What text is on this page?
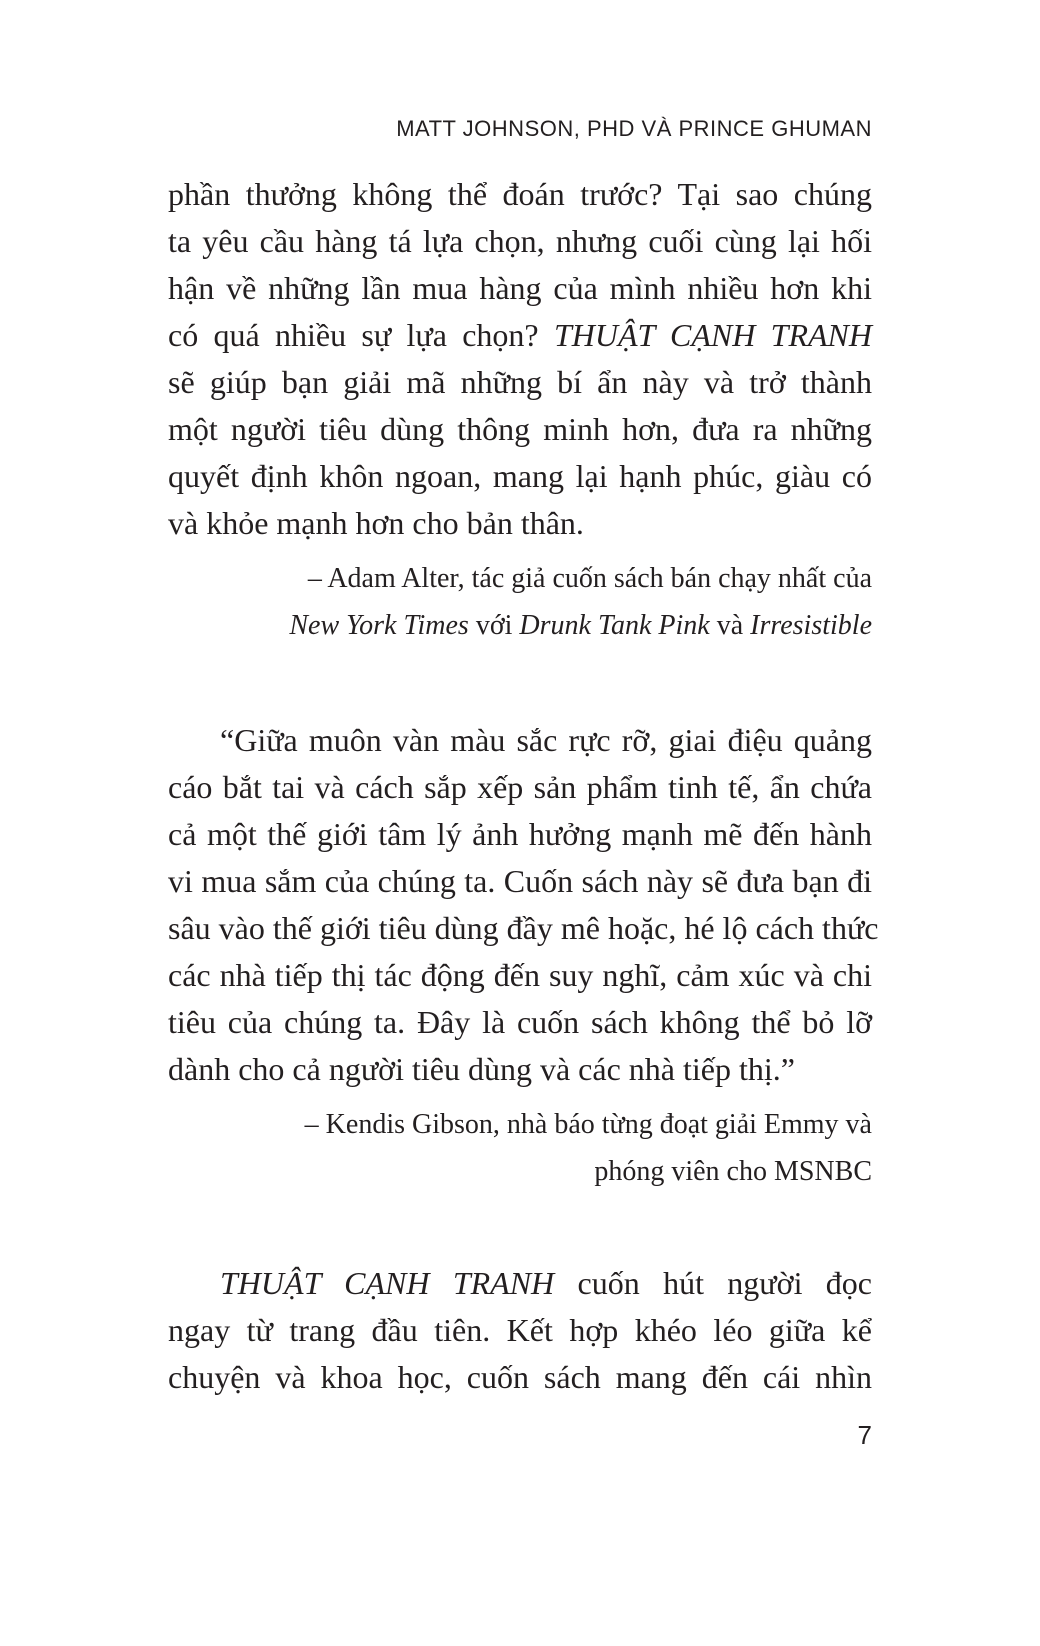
MATT JOHNSON, PHD VÀ PRINCE GHUMAN
phần thưởng không thể đoán trước? Tại sao chúng
ta yêu cầu hàng tá lựa chọn, nhưng cuối cùng lại hối
hận về những lần mua hàng của mình nhiều hơn khi
có quá nhiều sự lựa chọn? THUẬT CẠNH TRANH
sẽ giúp bạn giải mã những bí ẩn này và trở thành
một người tiêu dùng thông minh hơn, đưa ra những
quyết định khôn ngoan, mang lại hạnh phúc, giàu có
và khỏe mạnh hơn cho bản thân.
– Adam Alter, tác giả cuốn sách bán chạy nhất của
New York Times với Drunk Tank Pink và Irresistible
“Giữa muôn vàn màu sắc rực rỡ, giai điệu quảng
cáo bắt tai và cách sắp xếp sản phẩm tinh tế, ẩn chứa
cả một thế giới tâm lý ảnh hưởng mạnh mẽ đến hành
vi mua sắm của chúng ta. Cuốn sách này sẽ đưa bạn đi
sâu vào thế giới tiêu dùng đầy mê hoặc, hé lộ cách thức
các nhà tiếp thị tác động đến suy nghĩ, cảm xúc và chi
tiêu của chúng ta. Đây là cuốn sách không thể bỏ lỡ
dành cho cả người tiêu dùng và các nhà tiếp thị.”
– Kendis Gibson, nhà báo từng đoạt giải Emmy và
phóng viên cho MSNBC
THUẬT CẠNH TRANH cuốn hút người đọc
ngay từ trang đầu tiên. Kết hợp khéo léo giữa kể
chuyện và khoa học, cuốn sách mang đến cái nhìn
7
